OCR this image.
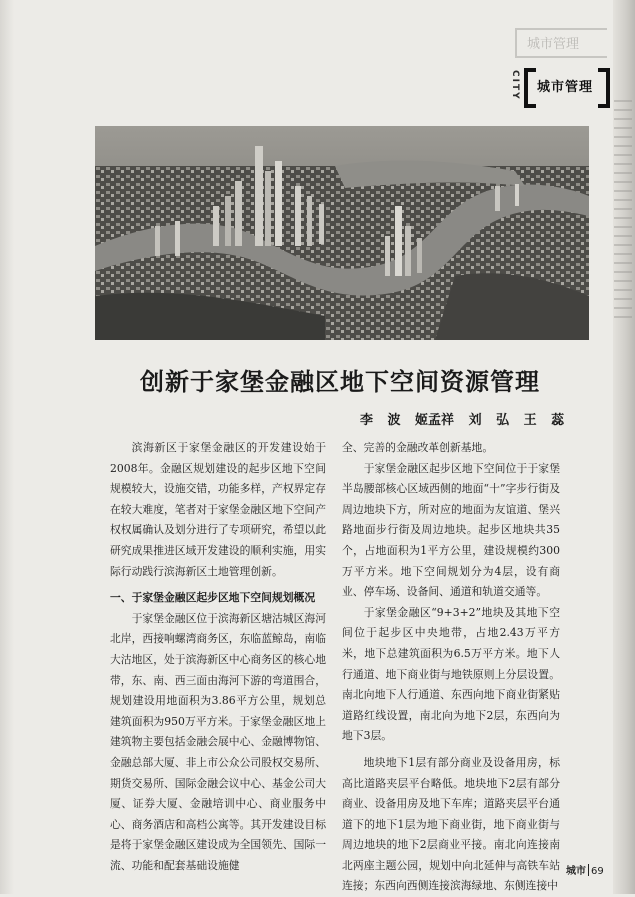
城市管理
CITY 城市管理
创新于家堡金融区地下空间资源管理
李 波 姬孟祥 刘 弘 王 蕊

滨海新区于家堡金融区的开发建设始于2008年。金融区规划建设的起步区地下空间规模较大，设施交错，功能多样，产权界定存在较大难度，笔者对于家堡金融区地下空间产权权属确认及划分进行了专项研究，希望以此研究成果推进区域开发建设的顺利实施，用实际行动践行滨海新区土地管理创新。

一、于家堡金融区起步区地下空间规划概况

于家堡金融区位于滨海新区塘沽城区海河北岸，西接响螺湾商务区，东临蓝鲸岛，南临大沽地区，处于滨海新区中心商务区的核心地带，东、南、西三面由海河下游的弯道围合，规划建设用地面积为3.86平方公里，规划总建筑面积为950万平方米。于家堡金融区地上建筑物主要包括金融会展中心、金融博物馆、金融总部大厦、非上市公众公司股权交易所、期货交易所、国际金融会议中心、基金公司大厦、证券大厦、金融培训中心、商业服务中心、商务酒店和高档公寓等。其开发建设目标是将于家堡金融区建设成为全国领先、国际一流、功能和配套基础设施健

全、完善的金融改革创新基地。

于家堡金融区起步区地下空间位于于家堡半岛腰部核心区域西侧的地面“十”字步行街及周边地块下方，所对应的地面为友谊道、堡兴路地面步行街及周边地块。起步区地块共35个，占地面积为1平方公里，建设规模约300万平方米。地下空间规划分为4层，设有商业、停车场、设备间、通道和轨道交通等。

于家堡金融区“9+3+2”地块及其地下空间位于起步区中央地带，占地2.43万平方米，地下总建筑面积为6.5万平方米。地下人行通道、地下商业街与地铁原则上分层设置。南北向地下人行通道、东西向地下商业街紧贴道路红线设置，南北向为地下2层，东西向为地下3层。

地块地下1层有部分商业及设备用房，标高比道路夹层平台略低。地块地下2层有部分商业、设备用房及地下车库；道路夹层平台通道下的地下1层为地下商业街，地下商业街与周边地块的地下2层商业平接。南北向连接南北两座主题公园，规划中向北延伸与高铁车站连接；东西向西侧连接滨海绿地、东侧连接中

城市 69
